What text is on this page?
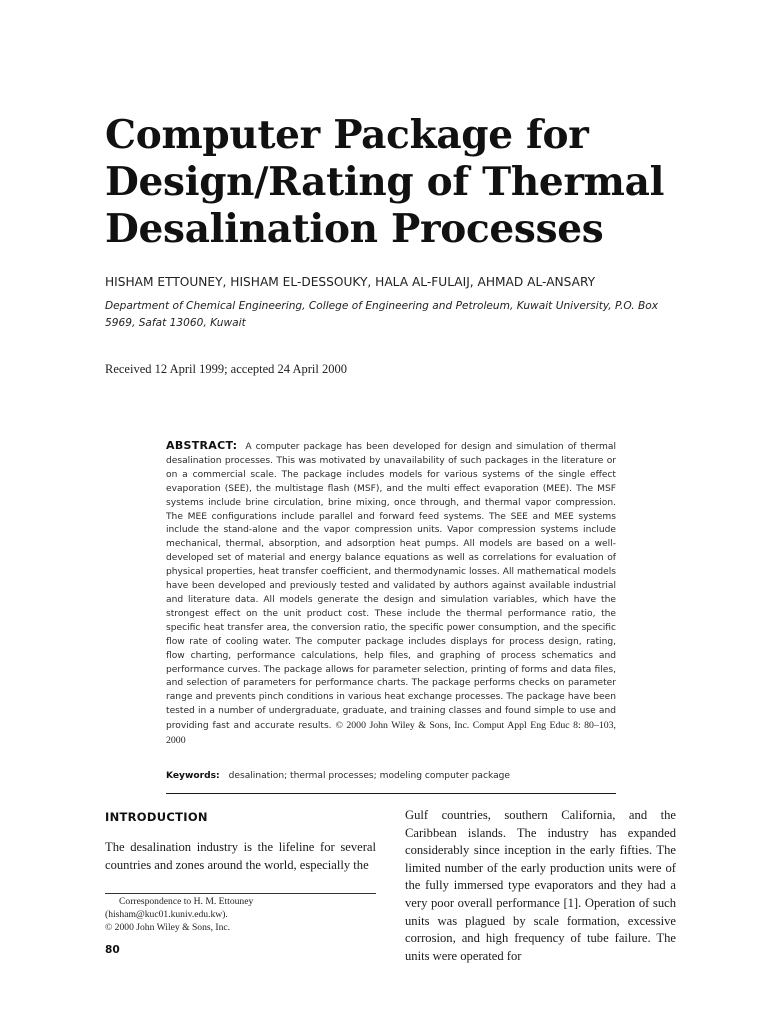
Computer Package for
Design/Rating of Thermal
Desalination Processes
HISHAM ETTOUNEY, HISHAM EL-DESSOUKY, HALA AL-FULAIJ, AHMAD AL-ANSARY
Department of Chemical Engineering, College of Engineering and Petroleum, Kuwait University, P.O. Box 5969, Safat 13060, Kuwait
Received 12 April 1999; accepted 24 April 2000

ABSTRACT: A computer package has been developed for design and simulation of thermal desalination processes. This was motivated by unavailability of such packages in the literature or on a commercial scale. The package includes models for various systems of the single effect evaporation (SEE), the multistage flash (MSF), and the multi effect evaporation (MEE). The MSF systems include brine circulation, brine mixing, once through, and thermal vapor compression. The MEE configurations include parallel and forward feed systems. The SEE and MEE systems include the stand-alone and the vapor compression units. Vapor compression systems include mechanical, thermal, absorption, and adsorption heat pumps. All models are based on a well-developed set of material and energy balance equations as well as correlations for evaluation of physical properties, heat transfer coefficient, and thermodynamic losses. All mathematical models have been developed and previously tested and validated by authors against available industrial and literature data. All models generate the design and simulation variables, which have the strongest effect on the unit product cost. These include the thermal performance ratio, the specific heat transfer area, the conversion ratio, the specific power consumption, and the specific flow rate of cooling water. The computer package includes displays for process design, rating, flow charting, performance calculations, help files, and graphing of process schematics and performance curves. The package allows for parameter selection, printing of forms and data files, and selection of parameters for performance charts. The package performs checks on parameter range and prevents pinch conditions in various heat exchange processes. The package have been tested in a number of undergraduate, graduate, and training classes and found simple to use and providing fast and accurate results. © 2000 John Wiley & Sons, Inc. Comput Appl Eng Educ 8: 80–103, 2000

Keywords: desalination; thermal processes; modeling computer package
INTRODUCTION

The desalination industry is the lifeline for several countries and zones around the world, especially the

Gulf countries, southern California, and the Caribbean islands. The industry has expanded considerably since inception in the early fifties. The limited number of the early production units were of the fully immersed type evaporators and they had a very poor overall performance [1]. Operation of such units was plagued by scale formation, excessive corrosion, and high frequency of tube failure. The units were operated for

Correspondence to H. M. Ettouney (hisham@kuc01.kuniv.edu.kw).

© 2000 John Wiley & Sons, Inc.

80
